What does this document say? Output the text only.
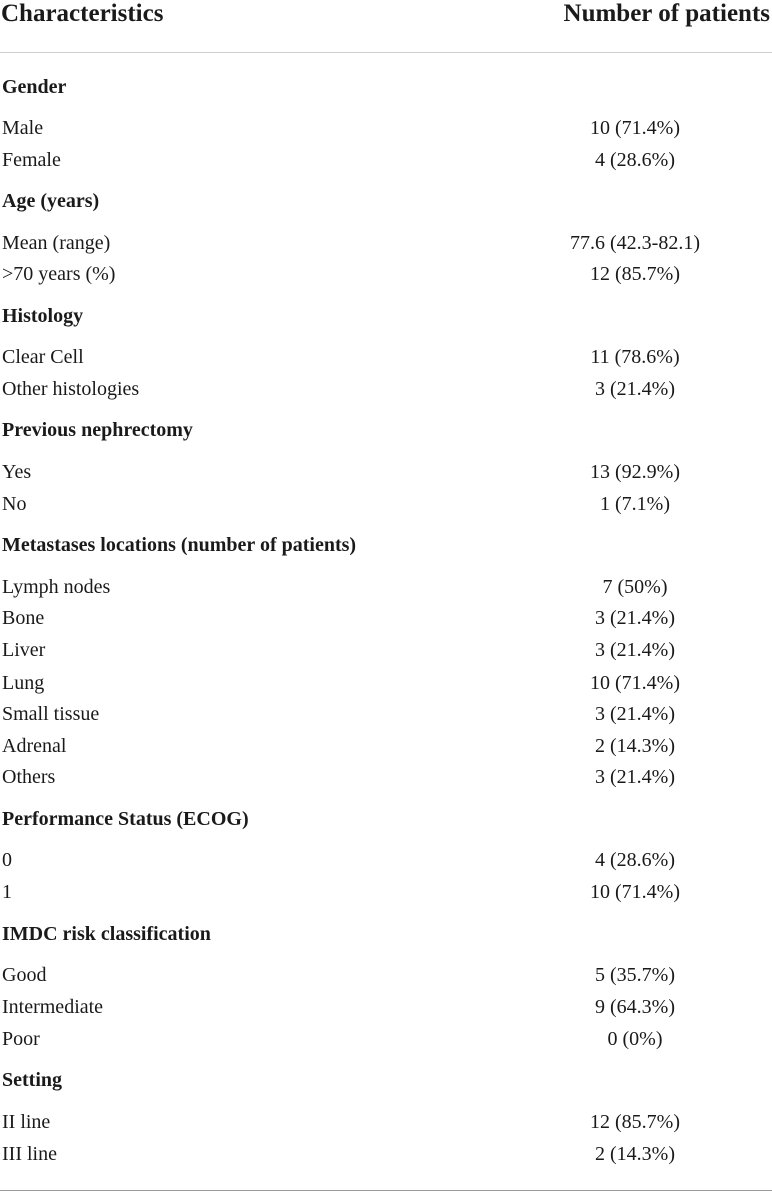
Characteristics	Number of patients
Gender
Male	10 (71.4%)
Female	4 (28.6%)
Age (years)
Mean (range)	77.6 (42.3-82.1)
>70 years (%)	12 (85.7%)
Histology
Clear Cell	11 (78.6%)
Other histologies	3 (21.4%)
Previous nephrectomy
Yes	13 (92.9%)
No	1 (7.1%)
Metastases locations (number of patients)
Lymph nodes	7 (50%)
Bone	3 (21.4%)
Liver	3 (21.4%)
Lung	10 (71.4%)
Small tissue	3 (21.4%)
Adrenal	2 (14.3%)
Others	3 (21.4%)
Performance Status (ECOG)
0	4 (28.6%)
1	10 (71.4%)
IMDC risk classification
Good	5 (35.7%)
Intermediate	9 (64.3%)
Poor	0 (0%)
Setting
II line	12 (85.7%)
III line	2 (14.3%)
